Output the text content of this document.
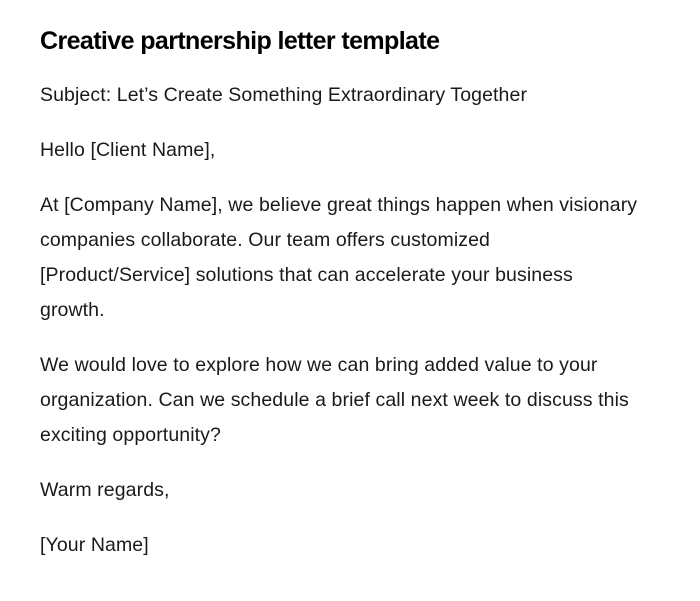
Creative partnership letter template

Subject: Let’s Create Something Extraordinary Together

Hello [Client Name],

At [Company Name], we believe great things happen when visionary companies collaborate. Our team offers customized [Product/Service] solutions that can accelerate your business growth.

We would love to explore how we can bring added value to your organization. Can we schedule a brief call next week to discuss this exciting opportunity?

Warm regards,

[Your Name]
